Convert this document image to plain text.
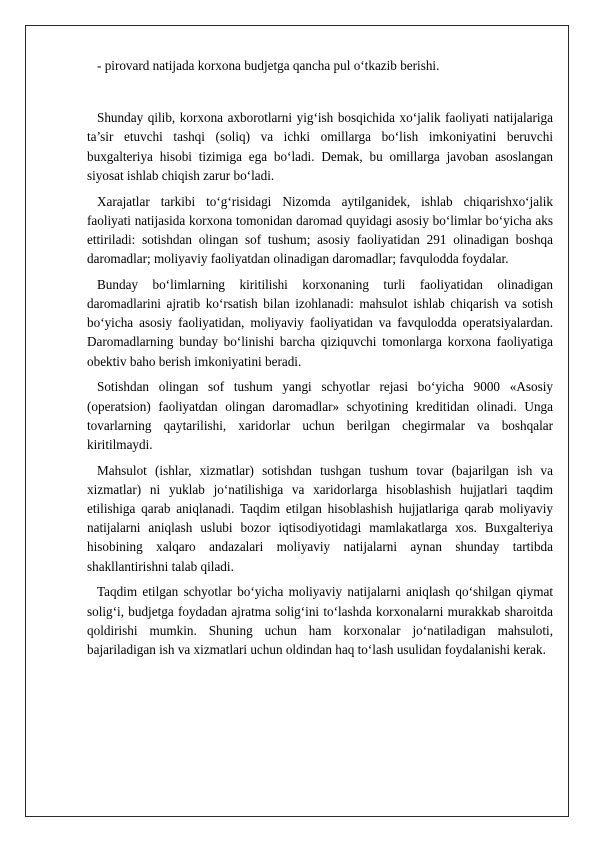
- pirovard natijada korxona budjetga qancha pul o‘tkazib berishi.

Shunday qilib, korxona axborotlarni yig‘ish bosqichida xo‘jalik faoliyati natijalariga ta’sir etuvchi tashqi (soliq) va ichki omillarga bo‘lish imkoniyatini beruvchi buxgalteriya hisobi tizimiga ega bo‘ladi. Demak, bu omillarga javoban asoslangan siyosat ishlab chiqish zarur bo‘ladi.

Xarajatlar tarkibi to‘g‘risidagi Nizomda aytilganidek, ishlab chiqarishxo‘jalik faoliyati natijasida korxona tomonidan daromad quyidagi asosiy bo‘limlar bo‘yicha aks ettiriladi: sotishdan olingan sof tushum; asosiy faoliyatidan 291 olinadigan boshqa daromadlar; moliyaviy faoliyatdan olinadigan daromadlar; favqulodda foydalar.

Bunday bo‘limlarning kiritilishi korxonaning turli faoliyatidan olinadigan daromadlarini ajratib ko‘rsatish bilan izohlanadi: mahsulot ishlab chiqarish va sotish bo‘yicha asosiy faoliyatidan, moliyaviy faoliyatidan va favqulodda operatsiyalardan. Daromadlarning bunday bo‘linishi barcha qiziquvchi tomonlarga korxona faoliyatiga obektiv baho berish imkoniyatini beradi.

Sotishdan olingan sof tushum yangi schyotlar rejasi bo‘yicha 9000 «Asosiy (operatsion) faoliyatdan olingan daromadlar» schyotining kreditidan olinadi. Unga tovarlarning qaytarilishi, xaridorlar uchun berilgan chegirmalar va boshqalar kiritilmaydi.

Mahsulot (ishlar, xizmatlar) sotishdan tushgan tushum tovar (bajarilgan ish va xizmatlar) ni yuklab jo‘natilishiga va xaridorlarga hisoblashish hujjatlari taqdim etilishiga qarab aniqlanadi. Taqdim etilgan hisoblashish hujjatlariga qarab moliyaviy natijalarni aniqlash uslubi bozor iqtisodiyotidagi mamlakatlarga xos. Buxgalteriya hisobining xalqaro andazalari moliyaviy natijalarni aynan shunday tartibda shakllantirishni talab qiladi.

Taqdim etilgan schyotlar bo‘yicha moliyaviy natijalarni aniqlash qo‘shilgan qiymat solig‘i, budjetga foydadan ajratma solig‘ini to‘lashda korxonalarni murakkab sharoitda qoldirishi mumkin. Shuning uchun ham korxonalar jo‘natiladigan mahsuloti, bajariladigan ish va xizmatlari uchun oldindan haq to‘lash usulidan foydalanishi kerak.
